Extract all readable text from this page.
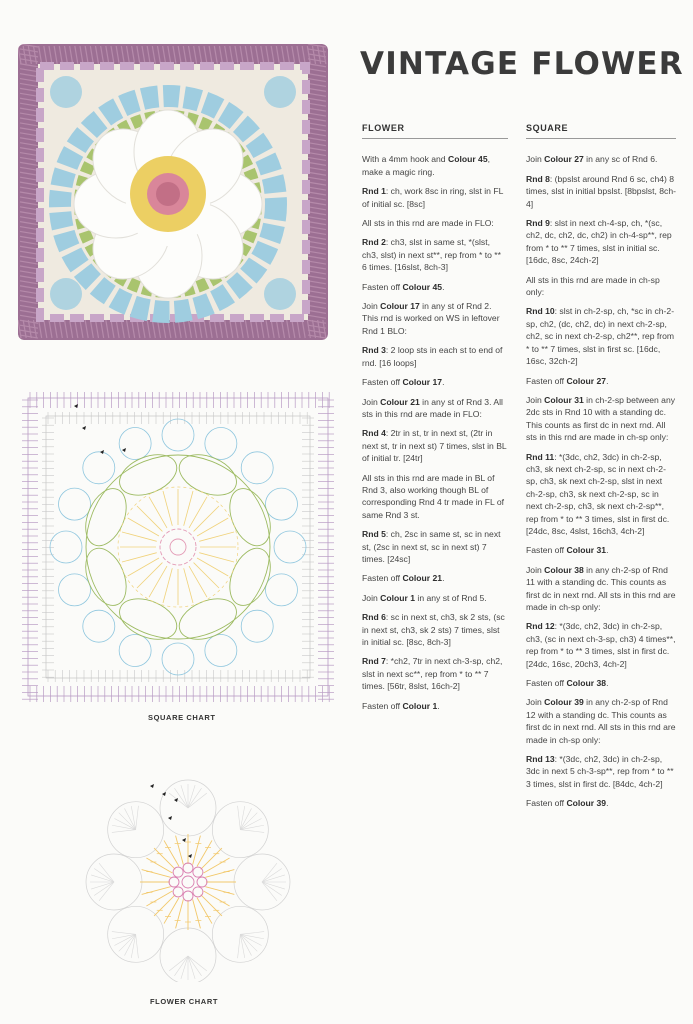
SQUARE CHART
FLOWER CHART
VINTAGE FLOWER
FLOWER

With a 4mm hook and Colour 45, make a magic ring.

Rnd 1: ch, work 8sc in ring, slst in FL of initial sc. [8sc]

All sts in this rnd are made in FLO:

Rnd 2: ch3, slst in same st, *(slst, ch3, slst) in next st**, rep from * to ** 6 times. [16slst, 8ch-3]

Fasten off Colour 45.

Join Colour 17 in any st of Rnd 2. This rnd is worked on WS in leftover Rnd 1 BLO:

Rnd 3: 2 loop sts in each st to end of rnd. [16 loops]

Fasten off Colour 17.

Join Colour 21 in any st of Rnd 3. All sts in this rnd are made in FLO:

Rnd 4: 2tr in st, tr in next st, (2tr in next st, tr in next st) 7 times, slst in BL of initial tr. [24tr]

All sts in this rnd are made in BL of Rnd 3, also working though BL of corresponding Rnd 4 tr made in FL of same Rnd 3 st.

Rnd 5: ch, 2sc in same st, sc in next st, (2sc in next st, sc in next st) 7 times. [24sc]

Fasten off Colour 21.

Join Colour 1 in any st of Rnd 5.

Rnd 6: sc in next st, ch3, sk 2 sts, (sc in next st, ch3, sk 2 sts) 7 times, slst in initial sc. [8sc, 8ch-3]

Rnd 7: *ch2, 7tr in next ch-3-sp, ch2, slst in next sc**, rep from * to ** 7 times. [56tr, 8slst, 16ch-2]

Fasten off Colour 1.

SQUARE

Join Colour 27 in any sc of Rnd 6.

Rnd 8: (bpslst around Rnd 6 sc, ch4) 8 times, slst in initial bpslst. [8bpslst, 8ch-4]

Rnd 9: slst in next ch-4-sp, ch, *(sc, ch2, dc, ch2, dc, ch2) in ch-4-sp**, rep from * to ** 7 times, slst in initial sc. [16dc, 8sc, 24ch-2]

All sts in this rnd are made in ch-sp only:

Rnd 10: slst in ch-2-sp, ch, *sc in ch-2-sp, ch2, (dc, ch2, dc) in next ch-2-sp, ch2, sc in next ch-2-sp, ch2**, rep from * to ** 7 times, slst in first sc. [16dc, 16sc, 32ch-2]

Fasten off Colour 27.

Join Colour 31 in ch-2-sp between any 2dc sts in Rnd 10 with a standing dc. This counts as first dc in next rnd. All sts in this rnd are made in ch-sp only:

Rnd 11: *(3dc, ch2, 3dc) in ch-2-sp, ch3, sk next ch-2-sp, sc in next ch-2-sp, ch3, sk next ch-2-sp, slst in next ch-2-sp, ch3, sk next ch-2-sp, sc in next ch-2-sp, ch3, sk next ch-2-sp**, rep from * to ** 3 times, slst in first dc. [24dc, 8sc, 4slst, 16ch3, 4ch-2]

Fasten off Colour 31.

Join Colour 38 in any ch-2-sp of Rnd 11 with a standing dc. This counts as first dc in next rnd. All sts in this rnd are made in ch-sp only:

Rnd 12: *(3dc, ch2, 3dc) in ch-2-sp, ch3, (sc in next ch-3-sp, ch3) 4 times**, rep from * to ** 3 times, slst in first dc. [24dc, 16sc, 20ch3, 4ch-2]

Fasten off Colour 38.

Join Colour 39 in any ch-2-sp of Rnd 12 with a standing dc. This counts as first dc in next rnd. All sts in this rnd are made in ch-sp only:

Rnd 13: *(3dc, ch2, 3dc) in ch-2-sp, 3dc in next 5 ch-3-sp**, rep from * to ** 3 times, slst in first dc. [84dc, 4ch-2]

Fasten off Colour 39.
